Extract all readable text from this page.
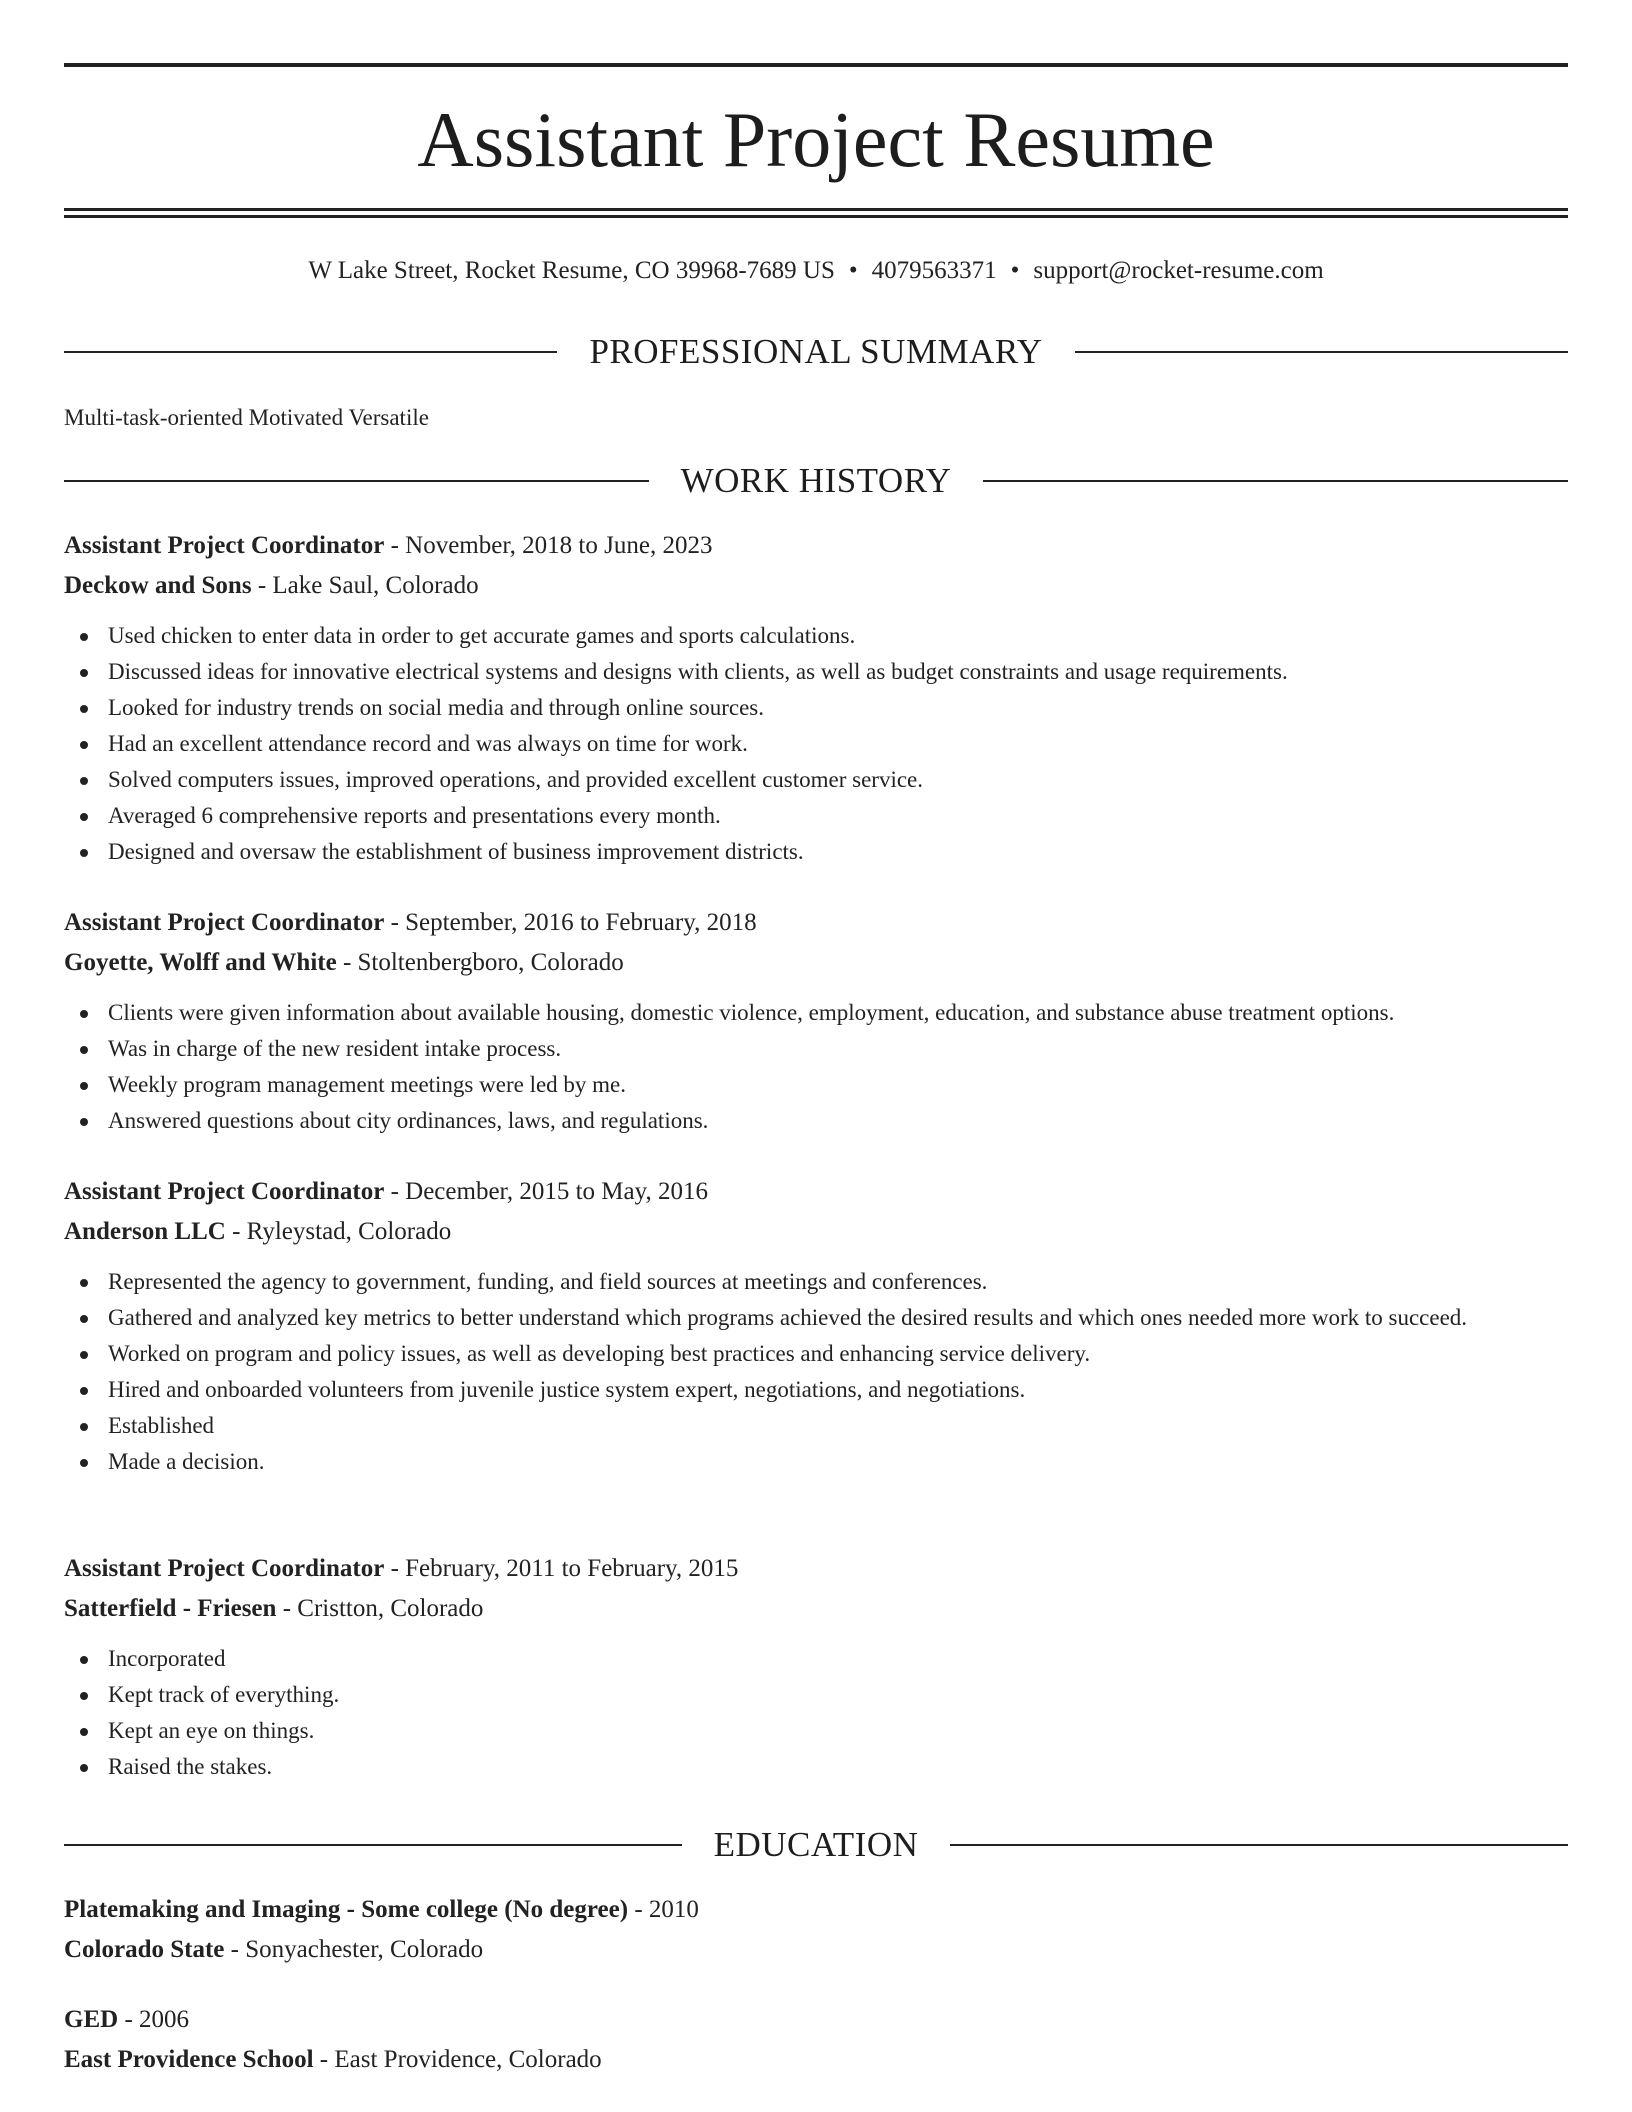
Assistant Project Resume
W Lake Street, Rocket Resume, CO 39968-7689 US • 4079563371 • support@rocket-resume.com
PROFESSIONAL SUMMARY
Multi-task-oriented Motivated Versatile
WORK HISTORY
Assistant Project Coordinator - November, 2018 to June, 2023
Deckow and Sons - Lake Saul, Colorado
Used chicken to enter data in order to get accurate games and sports calculations.
Discussed ideas for innovative electrical systems and designs with clients, as well as budget constraints and usage requirements.
Looked for industry trends on social media and through online sources.
Had an excellent attendance record and was always on time for work.
Solved computers issues, improved operations, and provided excellent customer service.
Averaged 6 comprehensive reports and presentations every month.
Designed and oversaw the establishment of business improvement districts.
Assistant Project Coordinator - September, 2016 to February, 2018
Goyette, Wolff and White - Stoltenbergboro, Colorado
Clients were given information about available housing, domestic violence, employment, education, and substance abuse treatment options.
Was in charge of the new resident intake process.
Weekly program management meetings were led by me.
Answered questions about city ordinances, laws, and regulations.
Assistant Project Coordinator - December, 2015 to May, 2016
Anderson LLC - Ryleystad, Colorado
Represented the agency to government, funding, and field sources at meetings and conferences.
Gathered and analyzed key metrics to better understand which programs achieved the desired results and which ones needed more work to succeed.
Worked on program and policy issues, as well as developing best practices and enhancing service delivery.
Hired and onboarded volunteers from juvenile justice system expert, negotiations, and negotiations.
Established
Made a decision.
Assistant Project Coordinator - February, 2011 to February, 2015
Satterfield - Friesen - Cristton, Colorado
Incorporated
Kept track of everything.
Kept an eye on things.
Raised the stakes.
EDUCATION
Platemaking and Imaging - Some college (No degree) - 2010
Colorado State - Sonyachester, Colorado
GED - 2006
East Providence School - East Providence, Colorado
